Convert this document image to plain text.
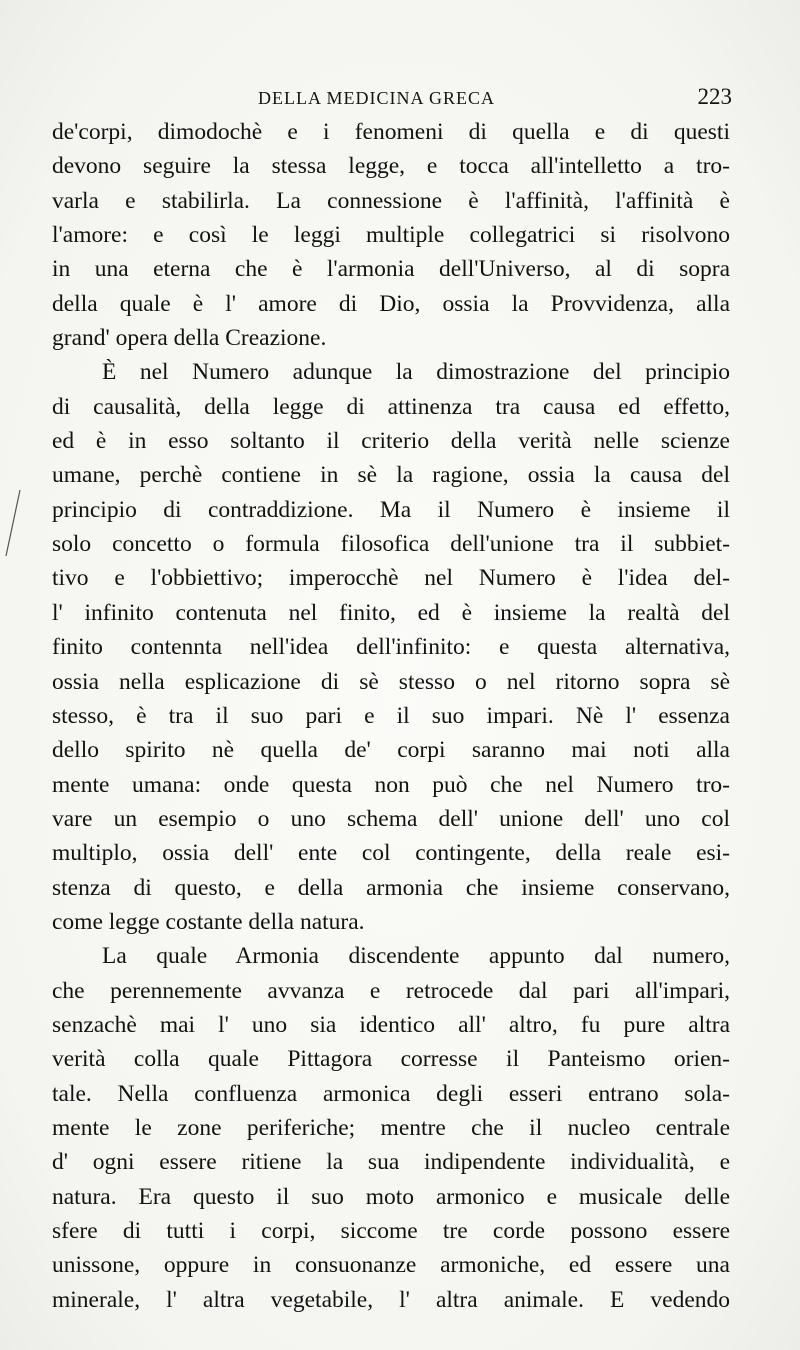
DELLA MEDICINA GRECA	223
de'corpi, dimodochè e i fenomeni di quella e di questi
devono seguire la stessa legge, e tocca all'intelletto a tro-
varla e stabilirla. La connessione è l'affinità, l'affinità è
l'amore: e così le leggi multiple collegatrici si risolvono
in una eterna che è l'armonia dell'Universo, al di sopra
della quale è l' amore di Dio, ossia la Provvidenza, alla
grand' opera della Creazione.
È nel Numero adunque la dimostrazione del principio
di causalità, della legge di attinenza tra causa ed effetto,
ed è in esso soltanto il criterio della verità nelle scienze
umane, perchè contiene in sè la ragione, ossia la causa del
principio di contraddizione. Ma il Numero è insieme il
solo concetto o formula filosofica dell'unione tra il subbiet-
tivo e l'obbiettivo; imperocchè nel Numero è l'idea del-
l' infinito contenuta nel finito, ed è insieme la realtà del
finito contennta nell'idea dell'infinito: e questa alternativa,
ossia nella esplicazione di sè stesso o nel ritorno sopra sè
stesso, è tra il suo pari e il suo impari. Nè l' essenza
dello spirito nè quella de' corpi saranno mai noti alla
mente umana: onde questa non può che nel Numero tro-
vare un esempio o uno schema dell' unione dell' uno col
multiplo, ossia dell' ente col contingente, della reale esi-
stenza di questo, e della armonia che insieme conservano,
come legge costante della natura.
La quale Armonia discendente appunto dal numero,
che perennemente avvanza e retrocede dal pari all'impari,
senzachè mai l' uno sia identico all' altro, fu pure altra
verità colla quale Pittagora corresse il Panteismo orien-
tale. Nella confluenza armonica degli esseri entrano sola-
mente le zone periferiche; mentre che il nucleo centrale
d' ogni essere ritiene la sua indipendente individualità, e
natura. Era questo il suo moto armonico e musicale delle
sfere di tutti i corpi, siccome tre corde possono essere
unissone, oppure in consuonanze armoniche, ed essere una
minerale, l' altra vegetabile, l' altra animale. E vedendo
